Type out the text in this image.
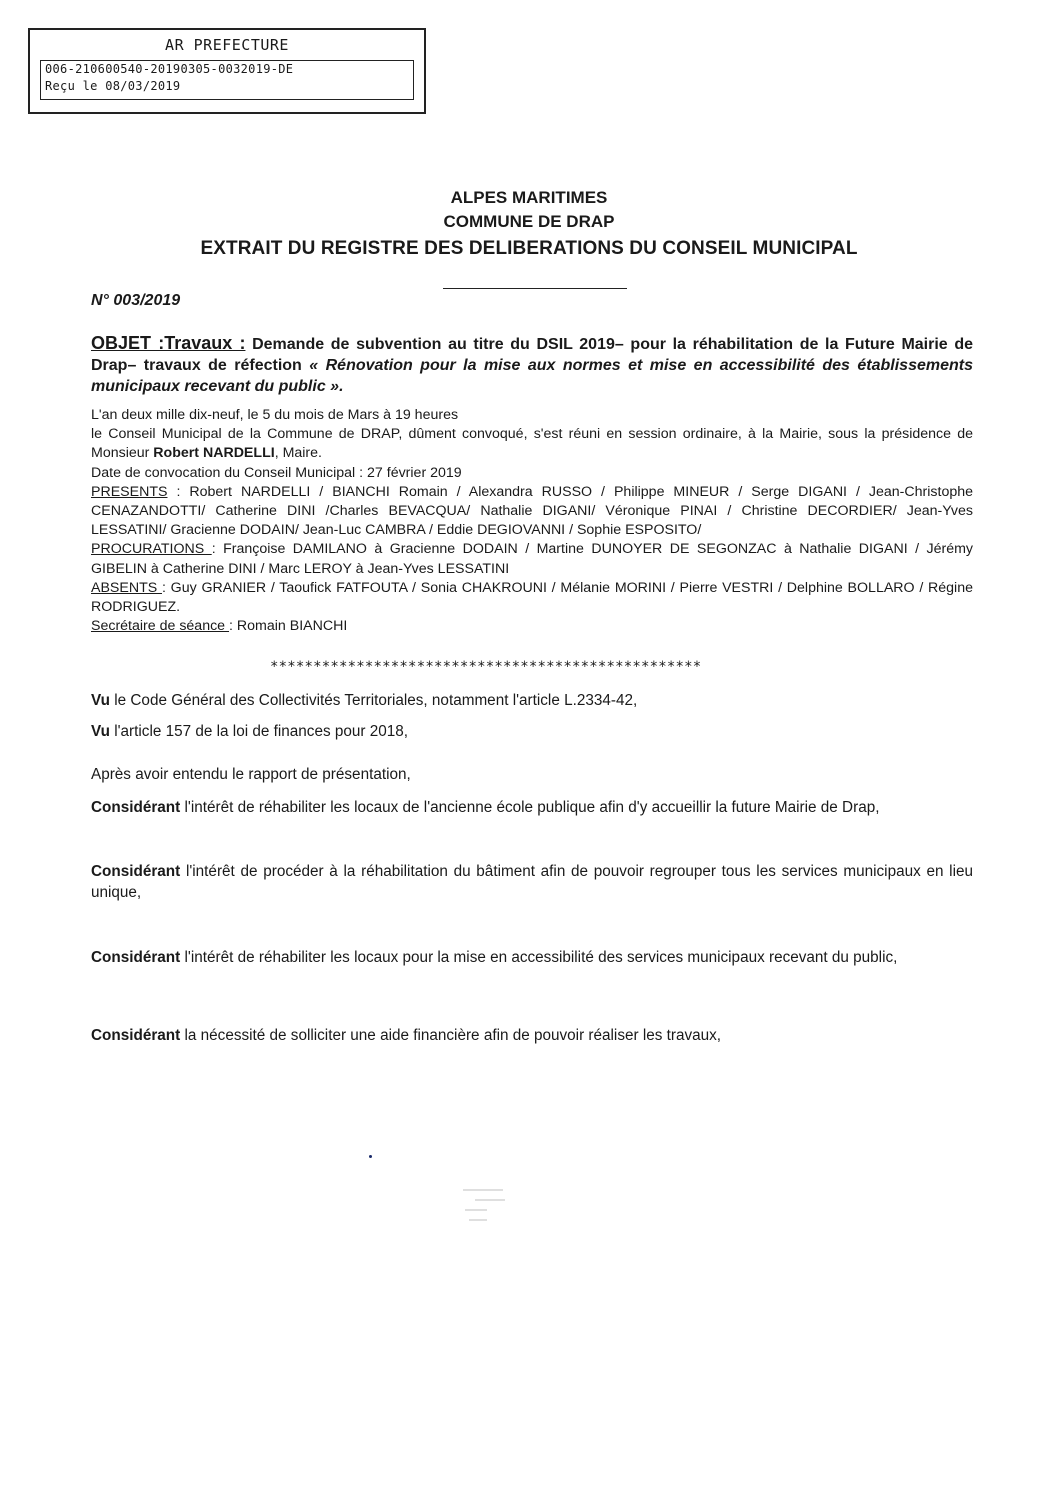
AR PREFECTURE
006-210600540-20190305-0032019-DE
Reçu le 08/03/2019
ALPES MARITIMES
COMMUNE DE DRAP
EXTRAIT DU REGISTRE DES DELIBERATIONS DU CONSEIL MUNICIPAL
N° 003/2019
OBJET :Travaux : Demande de subvention au titre du DSIL 2019– pour la réhabilitation de la Future Mairie de Drap– travaux de réfection « Rénovation pour la mise aux normes et mise en accessibilité des établissements municipaux recevant du public ».
L'an deux mille dix-neuf, le 5 du mois de Mars à 19 heures
le Conseil Municipal de la Commune de DRAP, dûment convoqué, s'est réuni en session ordinaire, à la Mairie, sous la présidence de Monsieur Robert NARDELLI, Maire.
Date de convocation du Conseil Municipal : 27 février 2019
PRESENTS : Robert NARDELLI / BIANCHI Romain / Alexandra RUSSO / Philippe MINEUR / Serge DIGANI / Jean-Christophe CENAZANDOTTI/ Catherine DINI /Charles BEVACQUA/ Nathalie DIGANI/ Véronique PINAI / Christine DECORDIER/ Jean-Yves LESSATINI/ Gracienne DODAIN/ Jean-Luc CAMBRA / Eddie DEGIOVANNI / Sophie ESPOSITO/
PROCURATIONS : Françoise DAMILANO à Gracienne DODAIN / Martine DUNOYER DE SEGONZAC à Nathalie DIGANI / Jérémy GIBELIN à Catherine DINI / Marc LEROY à Jean-Yves LESSATINI
ABSENTS : Guy GRANIER / Taoufick FATFOUTA / Sonia CHAKROUNI / Mélanie MORINI / Pierre VESTRI / Delphine BOLLARO / Régine RODRIGUEZ.
Secrétaire de séance : Romain BIANCHI
**************************************************
Vu le Code Général des Collectivités Territoriales, notamment l'article L.2334-42,
Vu l'article 157 de la loi de finances pour 2018,
Après avoir entendu le rapport de présentation,
Considérant l'intérêt de réhabiliter les locaux de l'ancienne école publique afin d'y accueillir la future Mairie de Drap,
Considérant l'intérêt de procéder à la réhabilitation du bâtiment afin de pouvoir regrouper tous les services municipaux en lieu unique,
Considérant l'intérêt de réhabiliter les locaux pour la mise en accessibilité des services municipaux recevant du public,
Considérant la nécessité de solliciter une aide financière afin de pouvoir réaliser les travaux,
